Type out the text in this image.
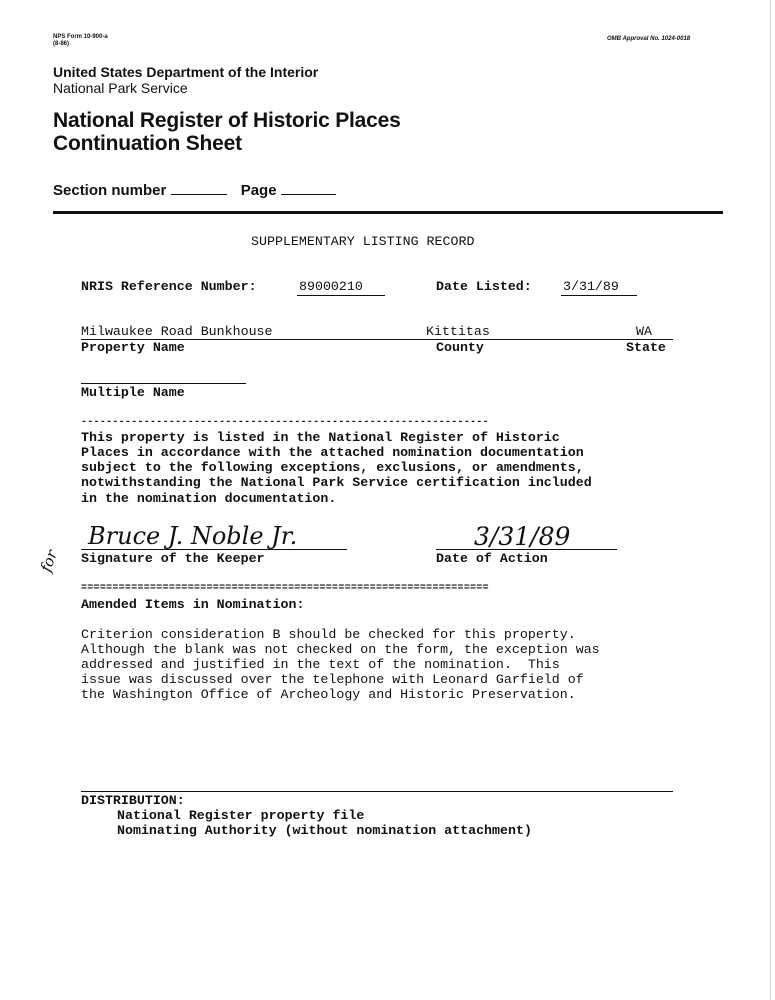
NPS Form 10-900-a
(8-86)
OMB Approval No. 1024-0018
United States Department of the Interior
National Park Service
National Register of Historic Places
Continuation Sheet
Section number	Page
SUPPLEMENTARY LISTING RECORD
NRIS Reference Number:	89000210	Date Listed: 3/31/89
Milwaukee Road Bunkhouse	Kittitas	WA
Property Name	County	State
Multiple Name
-----------------------------------------------------------------
This property is listed in the National Register of Historic
Places in accordance with the attached nomination documentation
subject to the following exceptions, exclusions, or amendments,
notwithstanding the National Park Service certification included
in the nomination documentation.
Bruce J. Noble Jr.
for Signature of the Keeper
3/31/89
Date of Action
=================================================================
Amended Items in Nomination:
Criterion consideration B should be checked for this property.
Although the blank was not checked on the form, the exception was
addressed and justified in the text of the nomination.  This
issue was discussed over the telephone with Leonard Garfield of
the Washington Office of Archeology and Historic Preservation.
DISTRIBUTION:
National Register property file
Nominating Authority (without nomination attachment)
